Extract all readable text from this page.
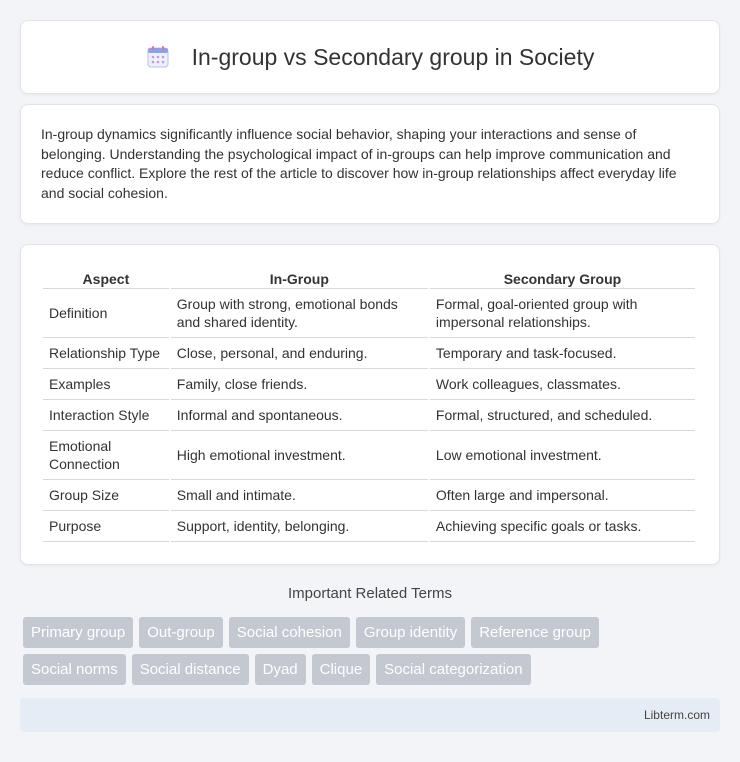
In-group vs Secondary group in Society

In-group dynamics significantly influence social behavior, shaping your interactions and sense of belonging. Understanding the psychological impact of in-groups can help improve communication and reduce conflict. Explore the rest of the article to discover how in-group relationships affect everyday life and social cohesion.

Aspect	In-Group	Secondary Group
Definition	Group with strong, emotional bonds and shared identity.	Formal, goal-oriented group with impersonal relationships.
Relationship Type	Close, personal, and enduring.	Temporary and task-focused.
Examples	Family, close friends.	Work colleagues, classmates.
Interaction Style	Informal and spontaneous.	Formal, structured, and scheduled.
Emotional Connection	High emotional investment.	Low emotional investment.
Group Size	Small and intimate.	Often large and impersonal.
Purpose	Support, identity, belonging.	Achieving specific goals or tasks.
Important Related Terms
Primary group	Out-group	Social cohesion	Group identity	Reference group
Social norms	Social distance	Dyad	Clique	Social categorization
Libterm.com
